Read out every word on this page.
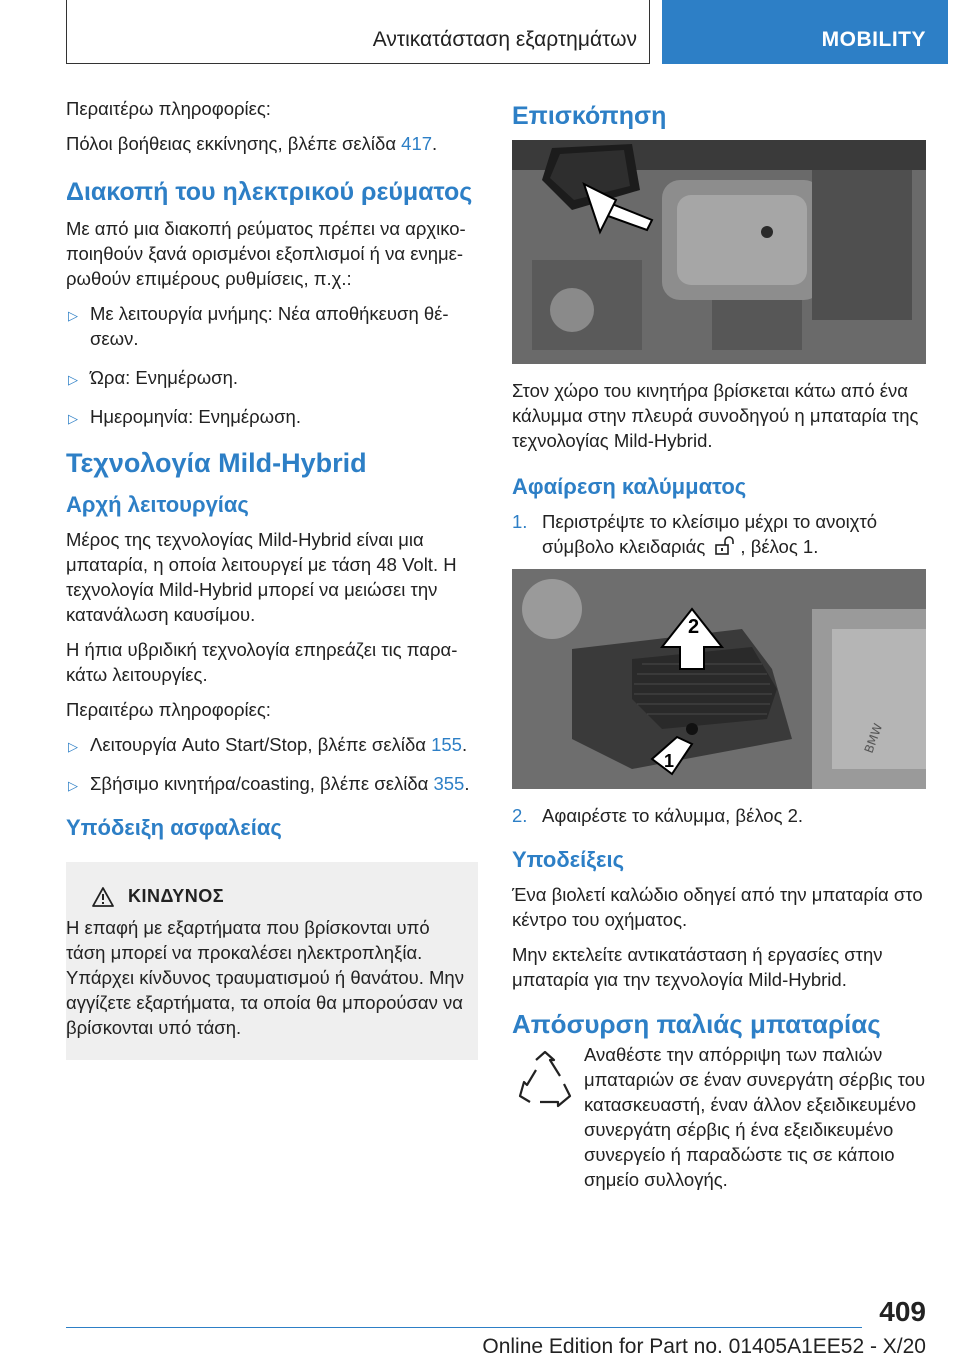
Αντικατάσταση εξαρτημάτων	MOBILITY

Περαιτέρω πληροφορίες:

Πόλοι βοήθειας εκκίνησης, βλέπε σελίδα 417.

Διακοπή του ηλεκτρικού ρεύματος

Με από μια διακοπή ρεύματος πρέπει να αρχικοποιηθούν ξανά ορισμένοι εξοπλισμοί ή να ενημερωθούν επιμέρους ρυθμίσεις, π.χ.:

▷ Με λειτουργία μνήμης: Νέα αποθήκευση θέσεων.
▷ Ώρα: Ενημέρωση.
▷ Ημερομηνία: Ενημέρωση.
Τεχνολογία Mild-Hybrid
Αρχή λειτουργίας

Μέρος της τεχνολογίας Mild-Hybrid είναι μια μπαταρία, η οποία λειτουργεί με τάση 48 Volt. Η τεχνολογία Mild-Hybrid μπορεί να μειώσει την κατανάλωση καυσίμου.

Η ήπια υβριδική τεχνολογία επηρεάζει τις παρακάτω λειτουργίες.

Περαιτέρω πληροφορίες:

▷ Λειτουργία Auto Start/Stop, βλέπε σελίδα 155.
▷ Σβήσιμο κινητήρα/coasting, βλέπε σελίδα 355.
Υπόδειξη ασφαλείας
ΚΙΝΔΥΝΟΣ

Η επαφή με εξαρτήματα που βρίσκονται υπό τάση μπορεί να προκαλέσει ηλεκτροπληξία. Υπάρχει κίνδυνος τραυματισμού ή θανάτου. Μην αγγίζετε εξαρτήματα, τα οποία θα μπορούσαν να βρίσκονται υπό τάση.

Επισκόπηση

Στον χώρο του κινητήρα βρίσκεται κάτω από ένα κάλυμμα στην πλευρά συνοδηγού η μπαταρία της τεχνολογίας Mild-Hybrid.

Αφαίρεση καλύμματος
1. Περιστρέψτε το κλείσιμο μέχρι το ανοιχτό σύμβολο κλειδαριάς , βέλος 1.
BMW
2
1
2. Αφαιρέστε το κάλυμμα, βέλος 2.
Υποδείξεις

Ένα βιολετί καλώδιο οδηγεί από την μπαταρία στο κέντρο του οχήματος.

Μην εκτελείτε αντικατάσταση ή εργασίες στην μπαταρία για την τεχνολογία Mild-Hybrid.

Απόσυρση παλιάς μπαταρίας

Αναθέστε την απόρριψη των παλιών μπαταριών σε έναν συνεργάτη σέρβις του κατασκευαστή, έναν άλλον εξειδικευμένο συνεργάτη σέρβις ή ένα εξειδικευμένο συνεργείο ή παραδώστε τις σε κάποιο σημείο συλλογής.

409
Online Edition for Part no. 01405A1EE52 - X/20
